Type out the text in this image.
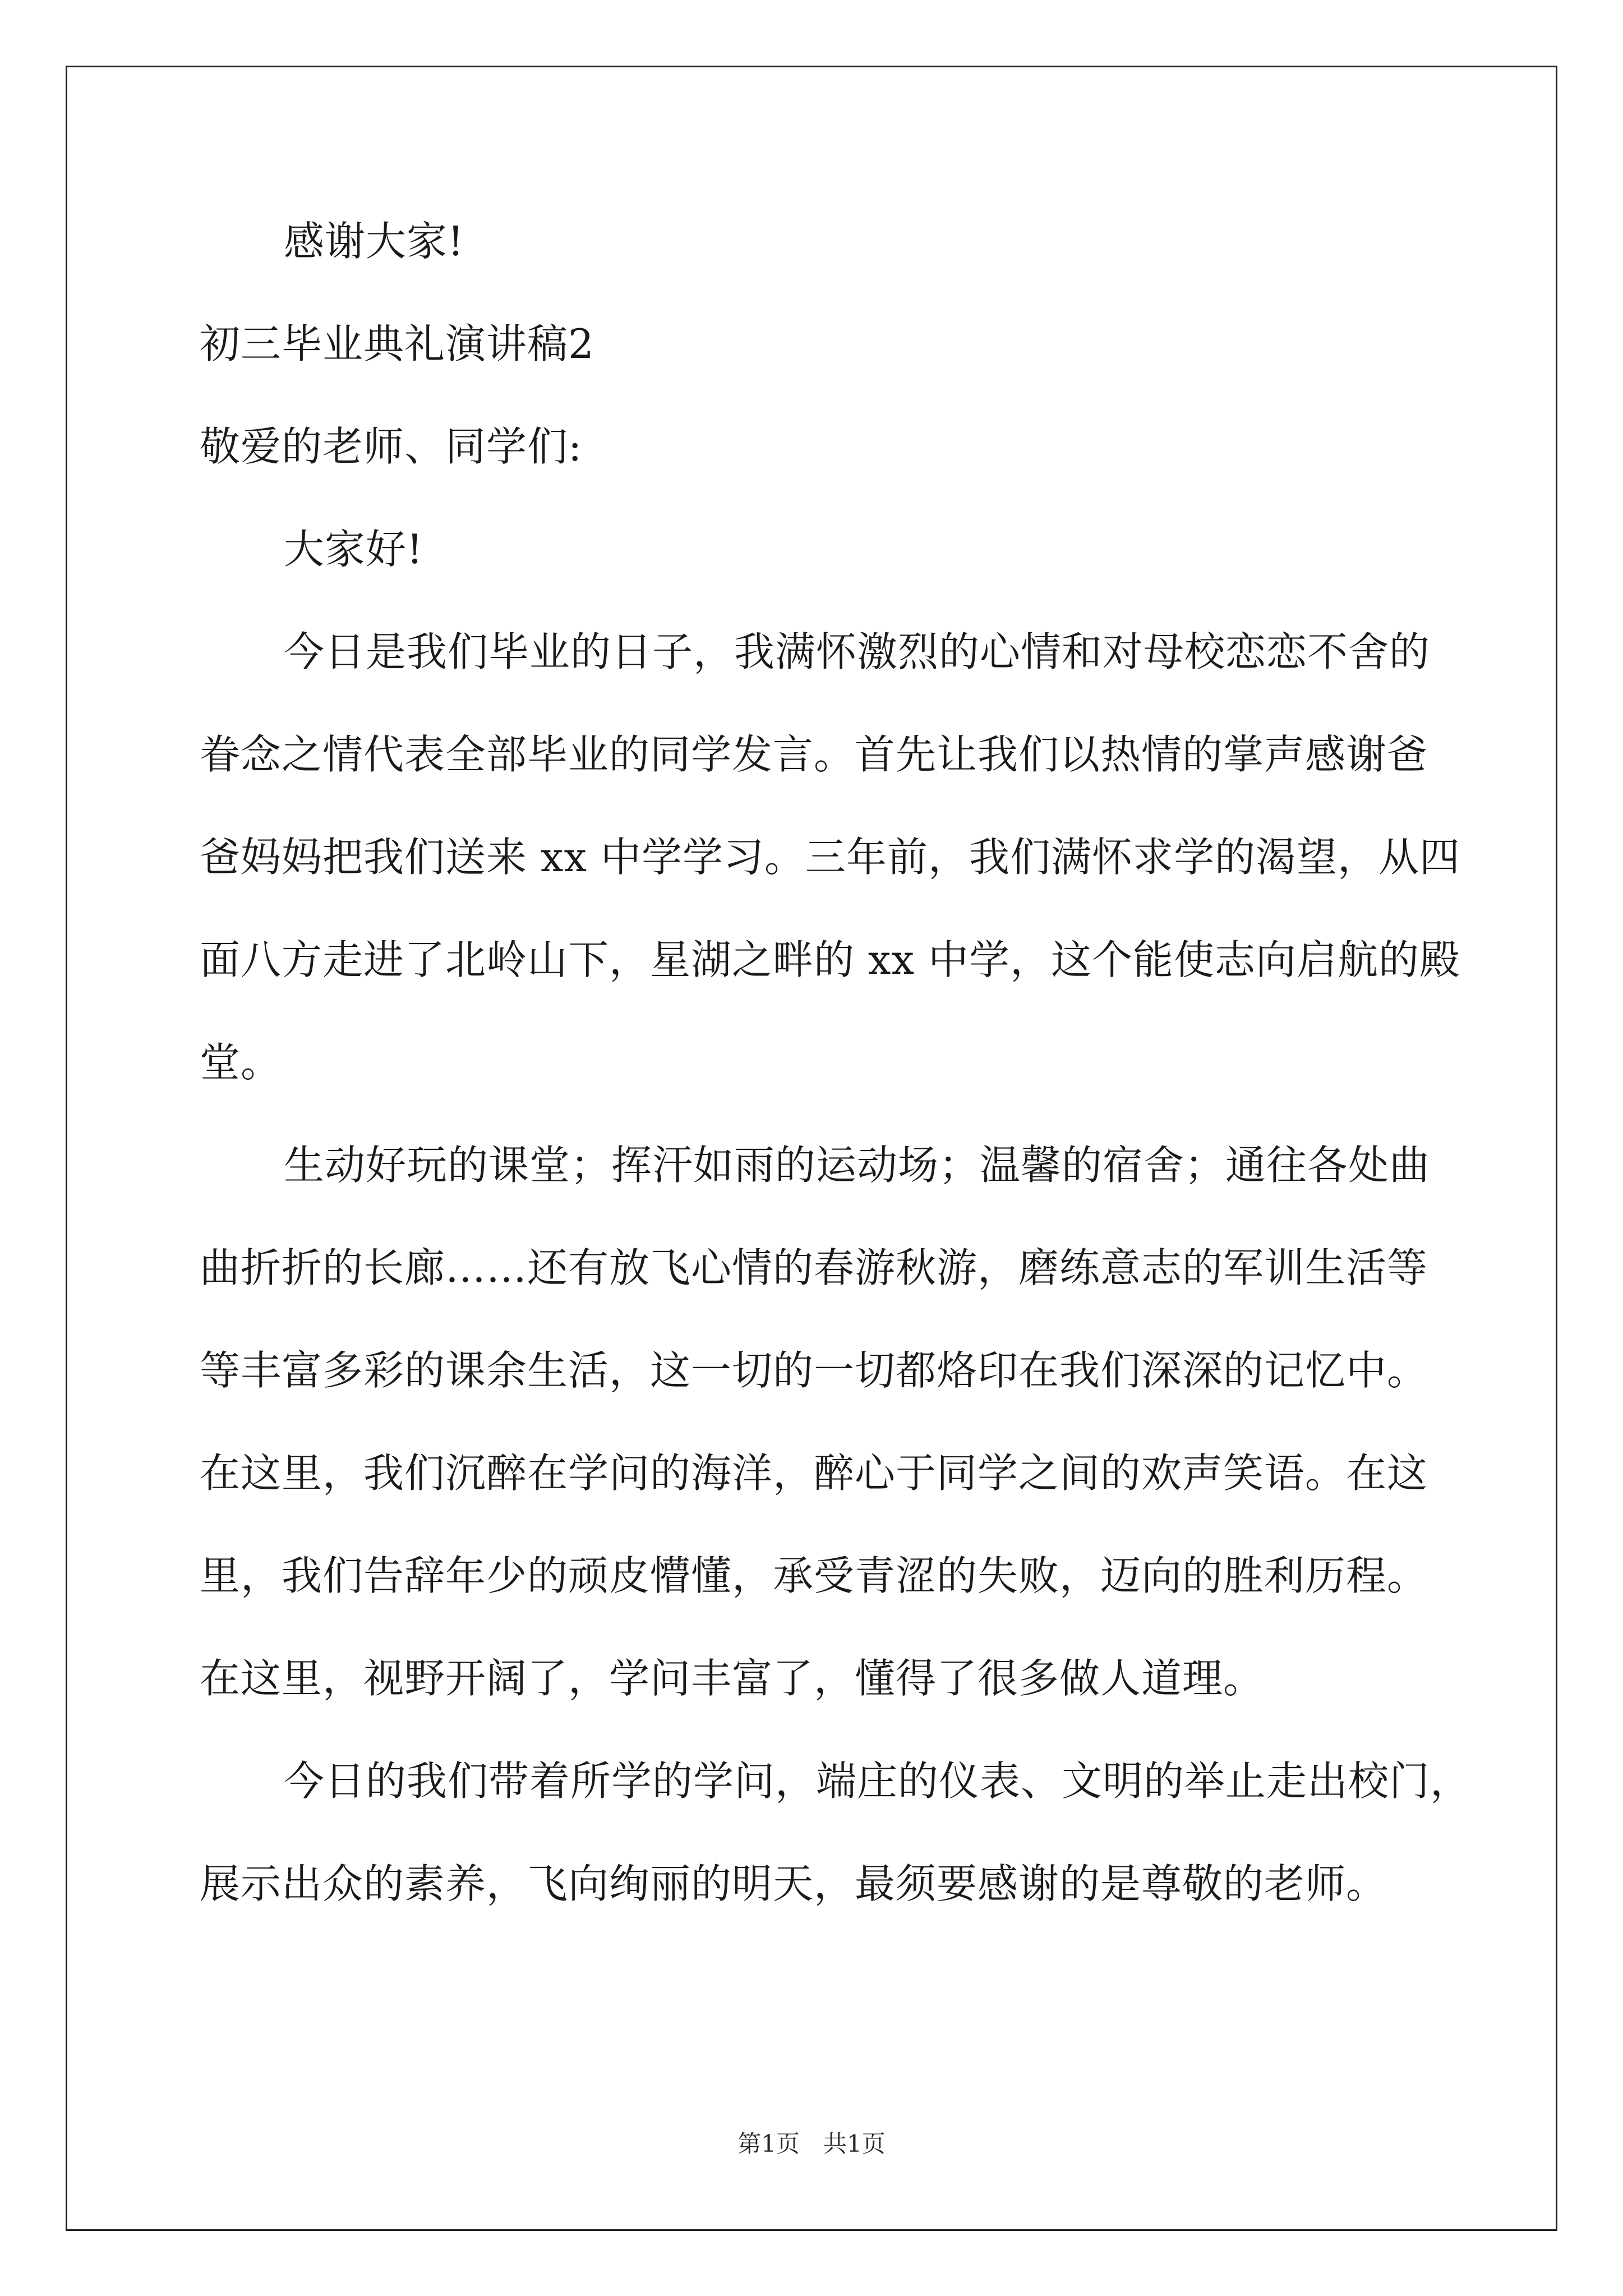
感谢大家!
初三毕业典礼演讲稿2
敬爱的老师、同学们:
大家好!
今日是我们毕业的日子，我满怀激烈的心情和对母校恋恋不舍的
眷念之情代表全部毕业的同学发言。首先让我们以热情的掌声感谢爸
爸妈妈把我们送来 xx 中学学习。三年前，我们满怀求学的渴望，从四
面八方走进了北岭山下，星湖之畔的 xx 中学，这个能使志向启航的殿
堂。
生动好玩的课堂；挥汗如雨的运动场；温馨的宿舍；通往各处曲
曲折折的长廊……还有放飞心情的春游秋游，磨练意志的军训生活等
等丰富多彩的课余生活，这一切的一切都烙印在我们深深的记忆中。
在这里，我们沉醉在学问的海洋，醉心于同学之间的欢声笑语。在这
里，我们告辞年少的顽皮懵懂，承受青涩的失败，迈向的胜利历程。
在这里，视野开阔了，学问丰富了，懂得了很多做人道理。
今日的我们带着所学的学问，端庄的仪表、文明的举止走出校门，
展示出众的素养，飞向绚丽的明天，最须要感谢的是尊敬的老师。
第1页　共1页
